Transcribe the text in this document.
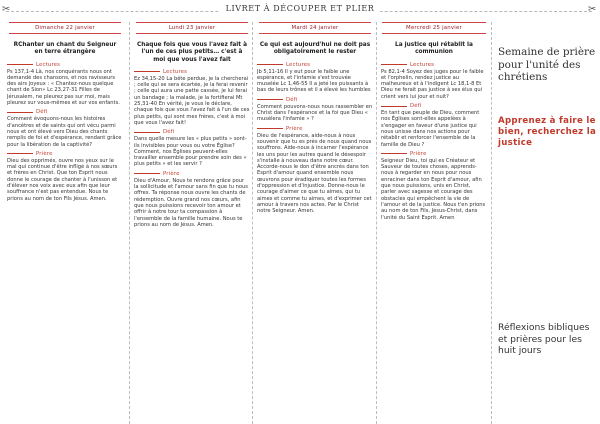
LIVRET À DÉCOUPER ET PLIER
✂	✂
Dimanche 22 janvier
RChanter un chant du Seigneur en terre étrangère
Lectures

Ps 137,1-4 Là, nos conquérants nous ont demandé des chansons, et nos ravisseurs des airs joyeux : « Chantez-nous quelque chant de Sion» Lc 23,27-31 Filles de Jérusalem, ne pleurez pas sur moi, mais pleurez sur vous-mêmes et sur vos enfants.

Défi

Comment évoquons-nous les histoires d'ancêtres et de saints qui ont vécu parmi nous et ont élevé vers Dieu des chants remplis de foi et d'espérance, rendant grâce pour la libération de la captivité?

Prière

Dieu des opprimés, ouvre nos yeux sur le mal qui continue d'être infligé à nos sœurs et frères en Christ. Que ton Esprit nous donne le courage de chanter à l'unisson et d'élever nos voix avec eux afin que leur souffrance n'est pas entendue. Nous te prions au nom de ton Fils Jésus. Amen.

Lundi 23 janvier
Chaque fois que vous l'avez fait à l'un de ces plus petits… c'est à moi que vous l'avez fait
Lectures

Ez 34,15-20 La bête perdue, je la chercherai ; celle qui se sera écartée, je la ferai revenir ; celle qui aura une patte cassée, je lui ferai un bandage ; la malade, je la fortifierai Mt 25,31-40 En vérité, je vous le déclare, chaque fois que vous l'avez fait à l'un de ces plus petits, qui sont mes frères, c'est à moi que vous l'avez fait!

Défi

Dans quelle mesure les « plus petits » sont-ils invisibles pour vous ou votre Église? Comment, nos Églises peuvent-elles travailler ensemble pour prendre soin des « plus petits » et les servir ?

Prière

Dieu d'Amour, Nous te rendons grâce pour la sollicitude et l'amour sans fin que tu nous offres. Ta réponse nous ouvre les chants de rédemption. Ouvre grand nos cœurs, afin que nous puissions recevoir ton amour et offrir à notre tour ta compassion à l'ensemble de la famille humaine. Nous te prions au nom de Jésus. Amen.

Mardi 24 janvier
Ce qui est aujourd'hui ne doit pas obligatoirement le rester
Lectures

Jb 5,11-16 Il y eut pour le faible une espérance, et l'infamie s'est trouvée muselée Lc 1,46-55 Il a jeté les puissants à bas de leurs trônes et il a élevé les humbles

Défi

Comment pouvons-nous nous rassembler en Christ dans l'espérance et la foi que Dieu « musèlera l'infamie » ?

Prière

Dieu de l'espérance, aide-nous à nous souvenir que tu es près de nous quand nous souffrons. Aide-nous à incarner l'espérance les uns pour les autres quand le désespoir s'installe à nouveau dans notre cœur. Accorde-nous le don d'être ancrés dans ton Esprit d'amour quand ensemble nous œuvrons pour éradiquer toutes les formes d'oppression et d'injustice. Donne-nous le courage d'aimer ce que tu aimes, qui tu aimes et comme tu aimes, et d'exprimer cet amour à travers nos actes. Par le Christ notre Seigneur. Amen.

Mercredi 25 janvier
La justice qui rétablit la communion
Lectures

Ps 82,1-4 Soyez des juges pour le faible et l'orphelin, rendez justice au malheureux et à l'indigent Lc 18,1-8 Et Dieu ne ferait pas justice à ses élus qui crient vers lui jour et nuit?

Défi

En tant que peuple de Dieu, comment nos Églises sont-elles appelées à s'engager en faveur d'une justice qui nous unisse dans nos actions pour rétablir et renforcer l'ensemble de la famille de Dieu ?

Prière

Seigneur Dieu, toi qui es Créateur et Sauveur de toutes choses, apprends-nous à regarder en nous pour nous enraciner dans ton Esprit d'amour, afin que nous puissions, unis en Christ, parler avec sagesse et courage des obstacles qui empêchent la vie de l'amour et de la justice. Nous t'en prions au nom de ton Fils, Jésus-Christ, dans l'unité du Saint Esprit. Amen

Semaine de prière pour l'unité des chrétiens
Apprenez à faire le bien, recherchez la justice
Réflexions bibliques et prières pour les huit jours
